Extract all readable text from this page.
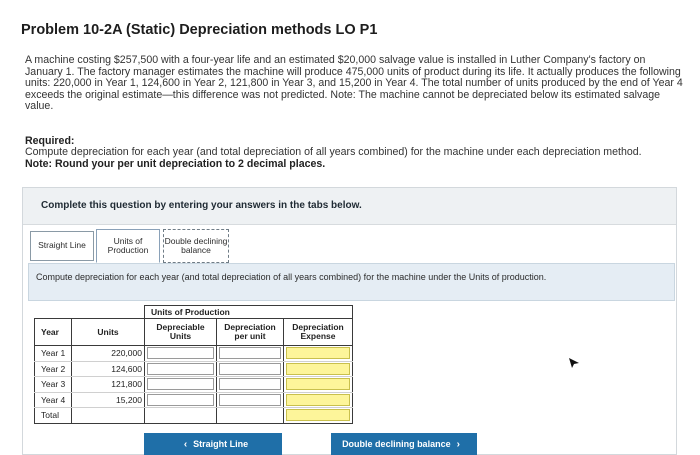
Problem 10-2A (Static) Depreciation methods LO P1
A machine costing $257,500 with a four-year life and an estimated $20,000 salvage value is installed in Luther Company's factory on January 1. The factory manager estimates the machine will produce 475,000 units of product during its life. It actually produces the following units: 220,000 in Year 1, 124,600 in Year 2, 121,800 in Year 3, and 15,200 in Year 4. The total number of units produced by the end of Year 4 exceeds the original estimate—this difference was not predicted. Note: The machine cannot be depreciated below its estimated salvage value.
Required:
Compute depreciation for each year (and total depreciation of all years combined) for the machine under each depreciation method.
Note: Round your per unit depreciation to 2 decimal places.
Complete this question by entering your answers in the tabs below.
Straight Line	Units of Production
Double declining balance
Compute depreciation for each year (and total depreciation of all years combined) for the machine under the Units of production.
		Units of Production		
Year	Units	Depreciable Units	Depreciation per unit	Depreciation Expense
Year 1	220,000	

Year 2	124,600	

Year 3	121,800	

Year 4	15,200	

Total				
‹ Straight Line	Double declining balance ›
